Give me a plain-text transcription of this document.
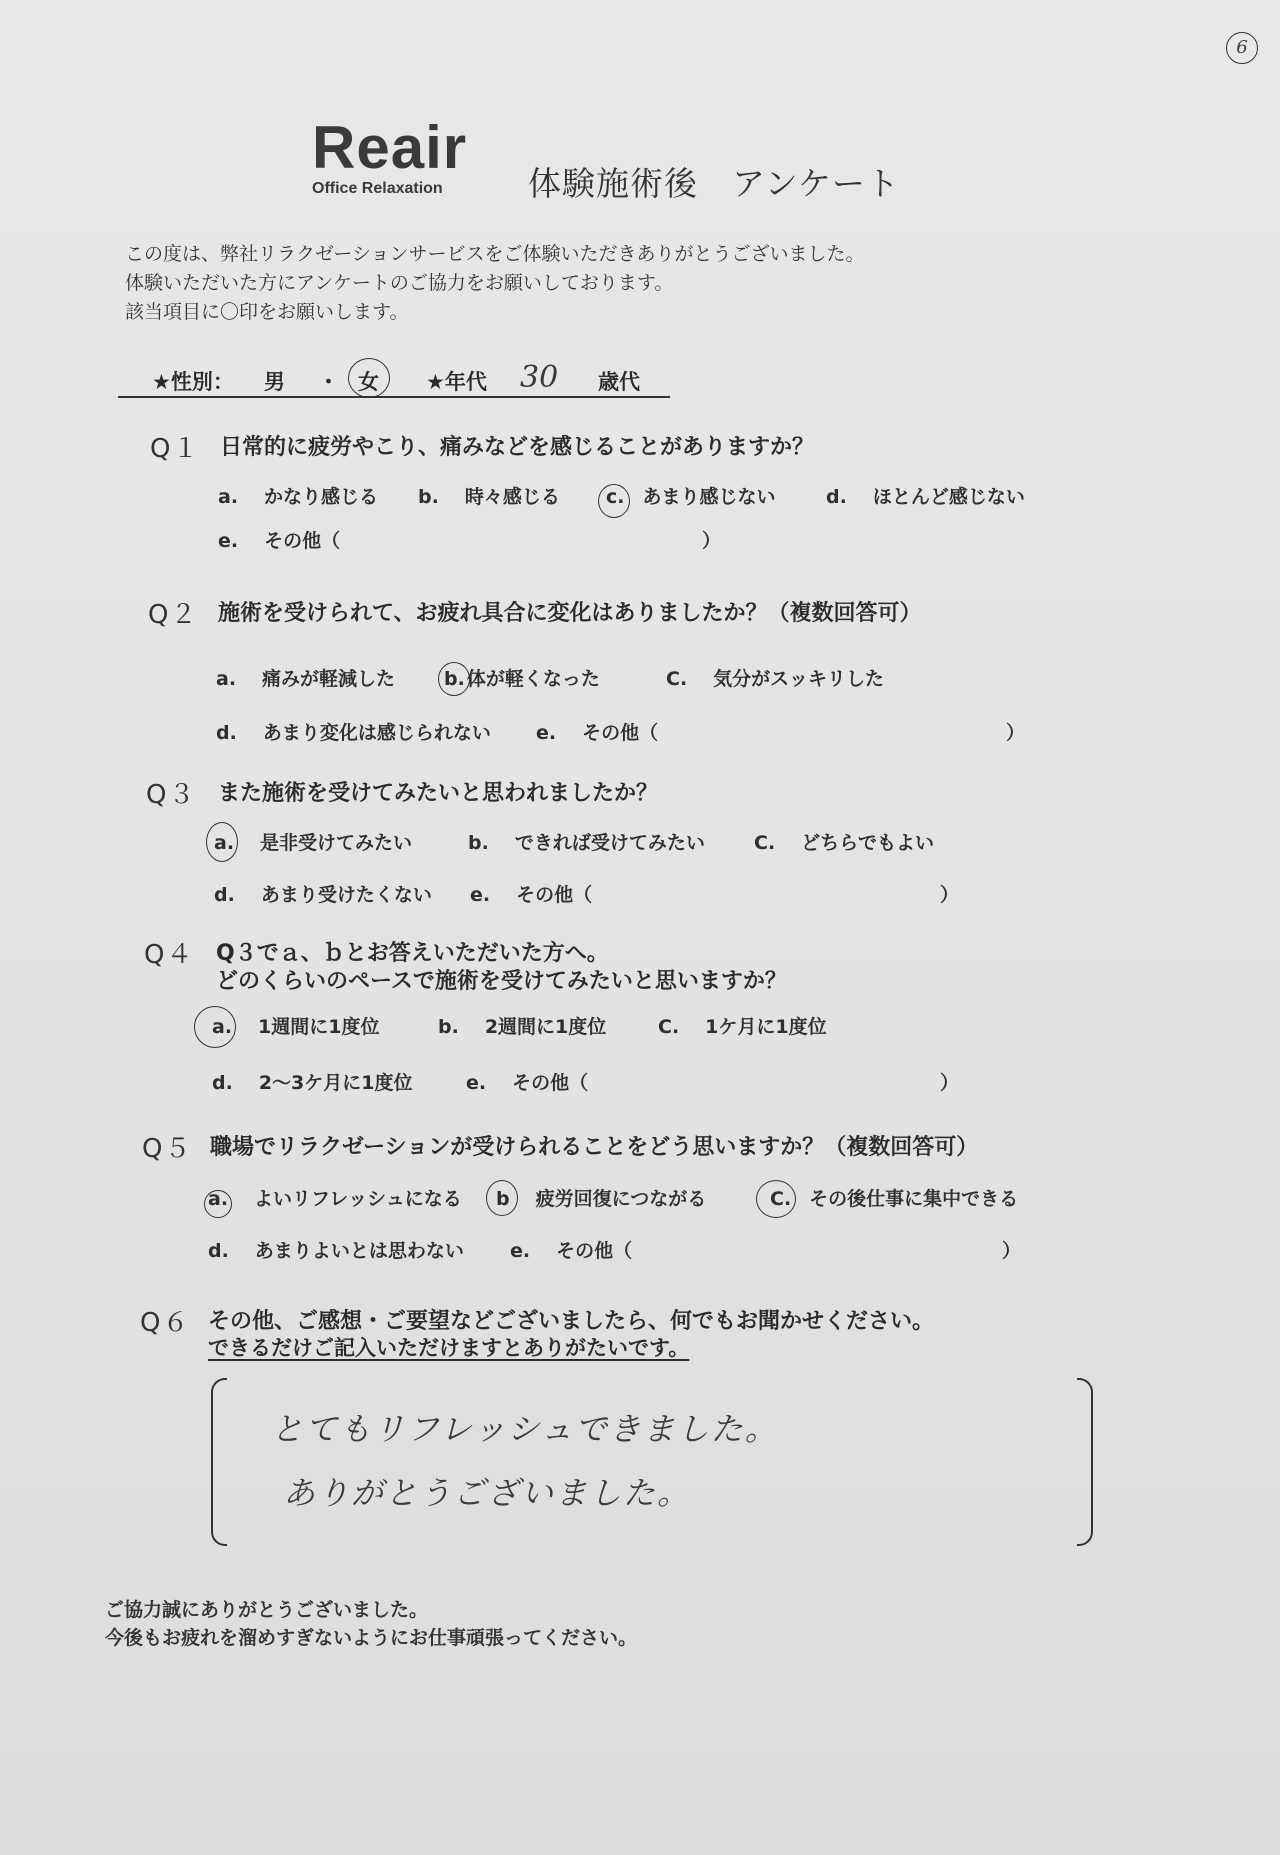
6
Reair
Office Relaxation	体験施術後　アンケート
この度は、弊社リラクゼーションサービスをご体験いただきありがとうございました。
体験いただいた方にアンケートのご協力をお願いしております。
該当項目に〇印をお願いします。
★性別： 男 ・ 女 ★年代 30 歳代
Q１ 日常的に疲労やこり、痛みなどを感じることがありますか？
a. かなり感じる b. 時々感じる c. あまり感じない	d. ほとんど感じない
e. その他（	）
Q２ 施術を受けられて、お疲れ具合に変化はありましたか？（複数回答可）
a. 痛みが軽減した	b. 体が軽くなった	C. 気分がスッキリした
d. あまり変化は感じられない e. その他（	）
Q３ また施術を受けてみたいと思われましたか？
a. 是非受けてみたい	b. できれば受けてみたい	C. どちらでもよい
d. あまり受けたくない e. その他（	）
Q４ Q３でａ、ｂとお答えいただいた方へ。
どのくらいのペースで施術を受けてみたいと思いますか？
a. 1週間に1度位	b. 2週間に1度位	C. 1ケ月に1度位
d. 2〜3ケ月に1度位	e. その他（	）
Q５ 職場でリラクゼーションが受けられることをどう思いますか？（複数回答可）
a. よいリフレッシュになる b 疲労回復につながる	C. その後仕事に集中できる
d. あまりよいとは思わない e. その他（	）
Q６ その他、ご感想・ご要望などございましたら、何でもお聞かせください。
できるだけご記入いただけますとありがたいです。
とてもリフレッシュできました。
ありがとうございました。
ご協力誠にありがとうございました。
今後もお疲れを溜めすぎないようにお仕事頑張ってください。
